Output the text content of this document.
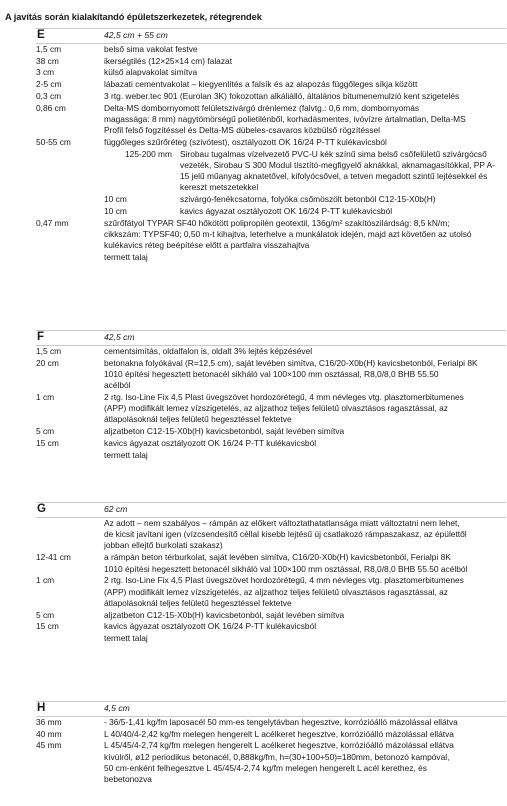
A javítás során kialakítandó épületszerkezetek, rétegrendek
E	42,5 cm + 55 cm
1,5 cm	belső sima vakolat festve
38 cm	ikerségtilés (12×25×14 cm) falazat
3 cm	külső alapvakolat simítva
2-5 cm	lábazati cementvakolat – kiegyenlítés a falsík és az alapozás függőleges síkja között
0,3 cm	3 rtg. weber.tec 901 (Eurolan 3K) fokozottan alkáliálló, általános bitumenemulzió kent szigetelés
0,86 cm	Delta-MS dombornyomott felületszivárgó drénlemez (falvtg.: 0,6 mm, dombornyomás
magassága: 8 mm) nagytömörségű polietilénből, korhadásmentes, ivóvízre ártalmatlan, Delta-MS
Profil felső fogzítéssel és Delta-MS dübeles-csavaros közbülső rögzítéssel
50-55 cm	függőleges szűrőréteg (szivótest), osztályozott OK 16/24 P-TT kulékavicsból
125-200 mm Sirobau tugalmas vízelvezető PVC-U kék színű sima belső csőfelületű szivárgócső
vezeték, Sirobau S 300 Modul tisztító-megfigyelő aknákkal, aknamagasítókkal, PP A-
15 jelű műanyag aknatetővel, kifolyócsővel, a tetven megadott szintű lejtésekkel és
kereszt metszetekkel
10 cm	szivárgó-fenékcsatorna, folyóka csőmöszölt betonból C12-15-X0b(H)
10 cm	kavics ágyazat osztályozott OK 16/24 P-TT kulékavicsból
0,47 mm	szűrőfátyol TYPAR SF40 hőkötött polipropilén geotextil, 136g/m² szakítószilárdság: 8,5 kN/m;
cikkszám: TYPSF40; 0,50 m-t kihajtva, leterhelve a munkálatok idején, majd azt követően az utolsó
kulékavics réteg beépítése előtt a partfalra visszahajtva
termett talaj
F	42,5 cm
1,5 cm	cementsimítás, oldalfalon is, oldalt 3% lejtés képzésével
20 cm	betonakna folyókával (R=12,5 cm), saját levében simítva, C16/20-X0b(H) kavicsbetonból, Ferialpi 8K
1010 építési hegesztett betonacél sikháló val 100×100 mm osztással, R8,0/8,0 BHB 55.50
acélból
1 cm	2 rtg. Iso-Line Fix 4,5 Plast üvegszövet hordozórétegű, 4 mm névleges vtg. plasztomerbitumenes
(APP) modifikált lemez vízszigetelés, az aljzathoz teljes felületű olvasztásos ragasztással, az
átlapolásoknál teljes felületű hegesztéssel fektetve
5 cm	aljzatbeton C12-15-X0b(H) kavicsbetonból, saját levében simítva
15 cm	kavics ágyazat osztályozott OK 16/24 P-TT kulékavicsból
termett talaj
G	62 cm
Az adott – nem szabályos – rámpán az előkert változtathatatlansága miatt változtatni nem lehet,
de kicsit javítani igen (vízcsendesítő céllal kisebb lejtésű új csatlakozó rámpaszakasz, az épülettől
jobban ellejtő burkolati szakasz)
12-41 cm	a rámpán beton térburkolat, saját levében simítva, C16/20-X0b(H) kavicsbetonból, Ferialpi 8K
1010 építési hegesztett betonacél sikháló val 100×100 mm osztással, R8,0/8,0 BHB 55.50 acélból
1 cm	2 rtg. Iso-Line Fix 4,5 Plast üvegszövet hordozórétegű, 4 mm névleges vtg. plasztomerbitumenes
(APP) modifikált lemez vízszigetelés, az aljzathoz teljes felületű olvasztásos ragasztással, az
átlapolásoknál teljes felületű hegesztéssel fektetve
5 cm	aljzatbeton C12-15-X0b(H) kavicsbetonból, saját levében simítva
15 cm	kavics ágyazat osztályozott OK 16/24 P-TT kulékavicsból
termett talaj
H	4,5 cm
36 mm	- 36/5-1,41 kg/fm laposacél 50 mm-es tengelytávban hegesztve, korrózióálló mázolással ellátva
40 mm	L 40/40/4-2,42 kg/fm melegen hengerelt L acélkeret hegesztve, korrózióálló mázolással ellátva
45 mm	L 45/45/4-2,74 kg/fm melegen hengerelt L acélkeret hegesztve, korrózióálló mázolással ellátva
kívülről, ø12 periodikus betonacél, 0,888kg/fm, h=(30+100+50)=180mm, betonozó kampóval,
50 cm-enként felhegesztve L 45/45/4-2,74 kg/fm melegen hengerelt L acél kerethez, és
bebetonozva
